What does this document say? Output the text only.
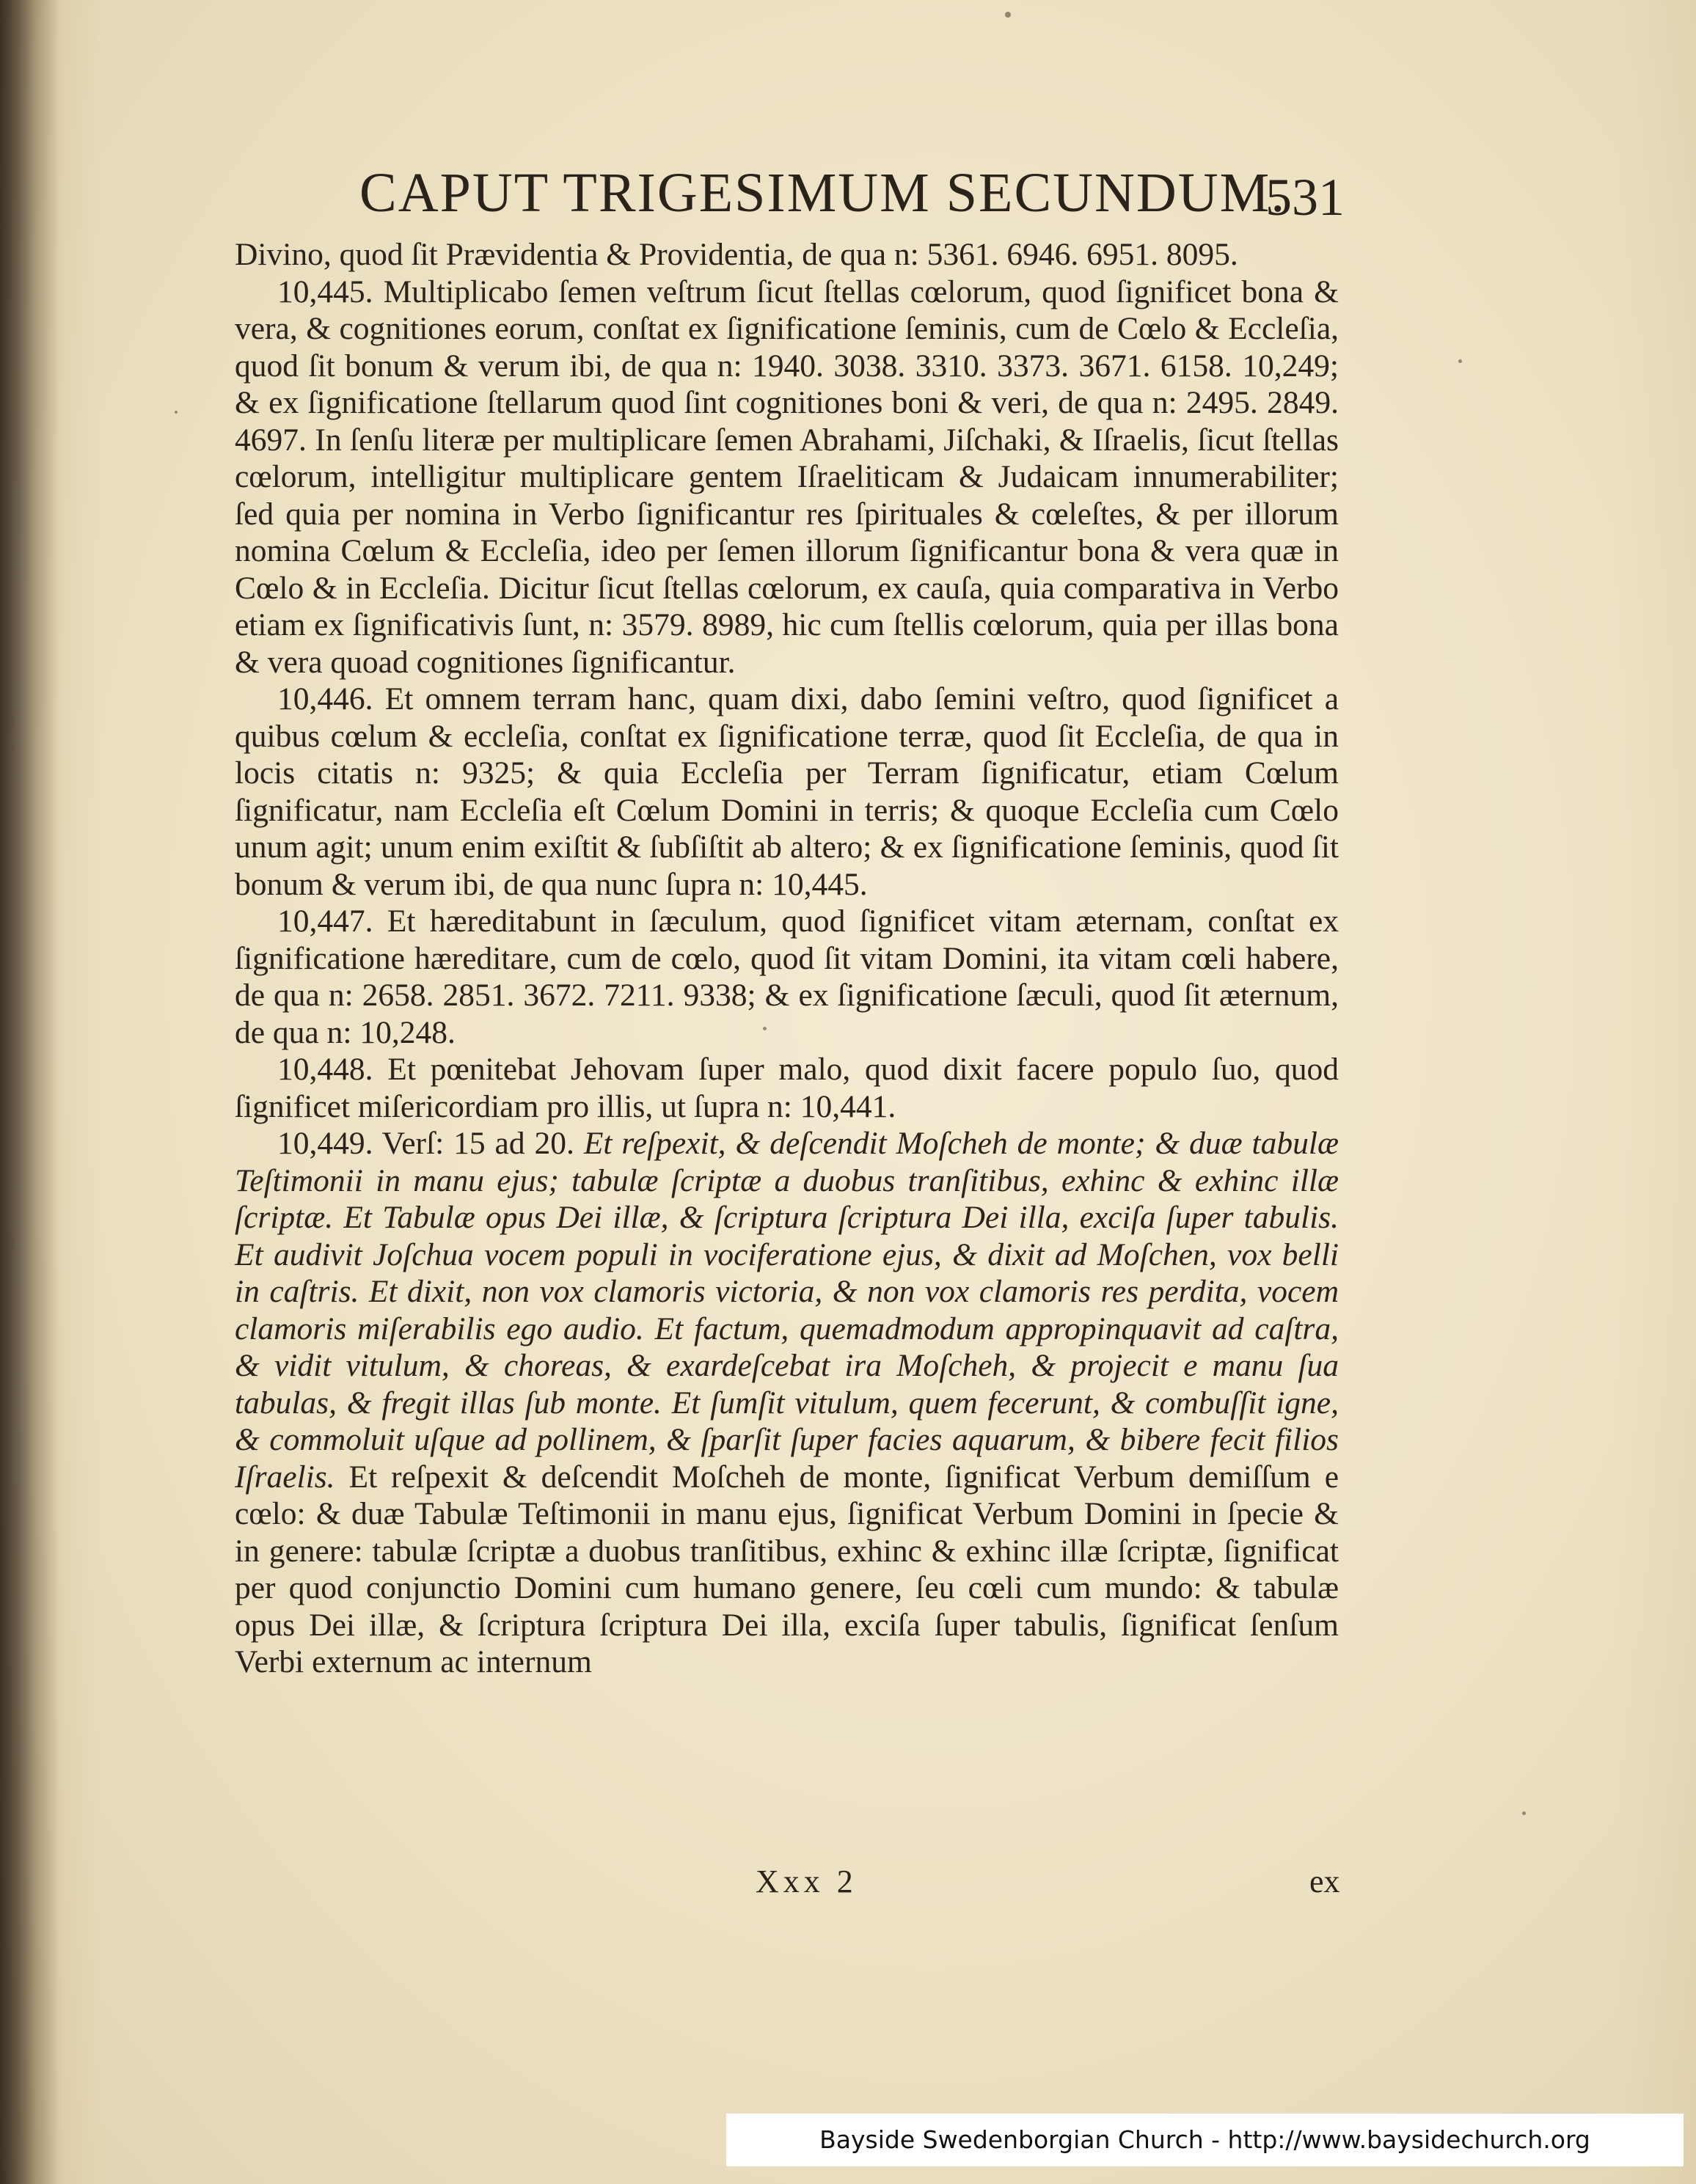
CAPUT TRIGESIMUM SECUNDUM.
531

Divino, quod ſit Prævidentia & Providentia, de qua n: 5361. 6946. 6951. 8095.

10,445. Multiplicabo ſemen veſtrum ſicut ſtellas cœlorum, quod ſignificet bona & vera, & cognitiones eorum, conſtat ex ſignificatione ſeminis, cum de Cœlo & Eccleſia, quod ſit bonum & verum ibi, de qua n: 1940. 3038. 3310. 3373. 3671. 6158. 10,249; & ex ſignificatione ſtellarum quod ſint cognitiones boni & veri, de qua n: 2495. 2849. 4697. In ſenſu literæ per multiplicare ſemen Abrahami, Jiſchaki, & Iſraelis, ſicut ſtellas cœlorum, intelligitur multiplicare gentem Iſraeliticam & Judaicam innumerabiliter; ſed quia per nomina in Verbo ſignificantur res ſpirituales & cœleſtes, & per illorum nomina Cœlum & Eccleſia, ideo per ſemen illorum ſignificantur bona & vera quæ in Cœlo & in Eccleſia. Dicitur ſicut ſtellas cœlorum, ex cauſa, quia comparativa in Verbo etiam ex ſignificativis ſunt, n: 3579. 8989, hic cum ſtellis cœlorum, quia per illas bona & vera quoad cognitiones ſignificantur.

10,446. Et omnem terram hanc, quam dixi, dabo ſemini veſtro, quod ſignificet a quibus cœlum & eccleſia, conſtat ex ſignificatione terræ, quod ſit Eccleſia, de qua in locis citatis n: 9325; & quia Eccleſia per Terram ſignificatur, etiam Cœlum ſignificatur, nam Eccleſia eſt Cœlum Domini in terris; & quoque Eccleſia cum Cœlo unum agit; unum enim exiſtit & ſubſiſtit ab altero; & ex ſignificatione ſeminis, quod ſit bonum & verum ibi, de qua nunc ſupra n: 10,445.

10,447. Et hæreditabunt in ſæculum, quod ſignificet vitam æternam, conſtat ex ſignificatione hæreditare, cum de cœlo, quod ſit vitam Domini, ita vitam cœli habere, de qua n: 2658. 2851. 3672. 7211. 9338; & ex ſignificatione ſæculi, quod ſit æternum, de qua n: 10,248.

10,448. Et pœnitebat Jehovam ſuper malo, quod dixit facere populo ſuo, quod ſignificet miſericordiam pro illis, ut ſupra n: 10,441.

10,449. Verſ: 15 ad 20. Et reſpexit, & deſcendit Moſcheh de monte; & duæ tabulæ Teſtimonii in manu ejus; tabulæ ſcriptæ a duobus tranſitibus, exhinc & exhinc illæ ſcriptæ. Et Tabulæ opus Dei illæ, & ſcriptura ſcriptura Dei illa, exciſa ſuper tabulis. Et audivit Joſchua vocem populi in vociferatione ejus, & dixit ad Moſchen, vox belli in caſtris. Et dixit, non vox clamoris victoria, & non vox clamoris res perdita, vocem clamoris miſerabilis ego audio. Et factum, quemadmodum appropinquavit ad caſtra, & vidit vitulum, & choreas, & exardeſcebat ira Moſcheh, & projecit e manu ſua tabulas, & fregit illas ſub monte. Et ſumſit vitulum, quem fecerunt, & combuſſit igne, & commoluit uſque ad pollinem, & ſparſit ſuper facies aquarum, & bibere fecit filios Iſraelis. Et reſpexit & deſcendit Moſcheh de monte, ſignificat Verbum demiſſum e cœlo: & duæ Tabulæ Teſtimonii in manu ejus, ſignificat Verbum Domini in ſpecie & in genere: tabulæ ſcriptæ a duobus tranſitibus, exhinc & exhinc illæ ſcriptæ, ſignificat per quod conjunctio Domini cum humano genere, ſeu cœli cum mundo: & tabulæ opus Dei illæ, & ſcriptura ſcriptura Dei illa, exciſa ſuper tabulis, ſignificat ſenſum Verbi externum ac internum

Xxx 2	ex
Bayside Swedenborgian Church - http://www.baysidechurch.org
